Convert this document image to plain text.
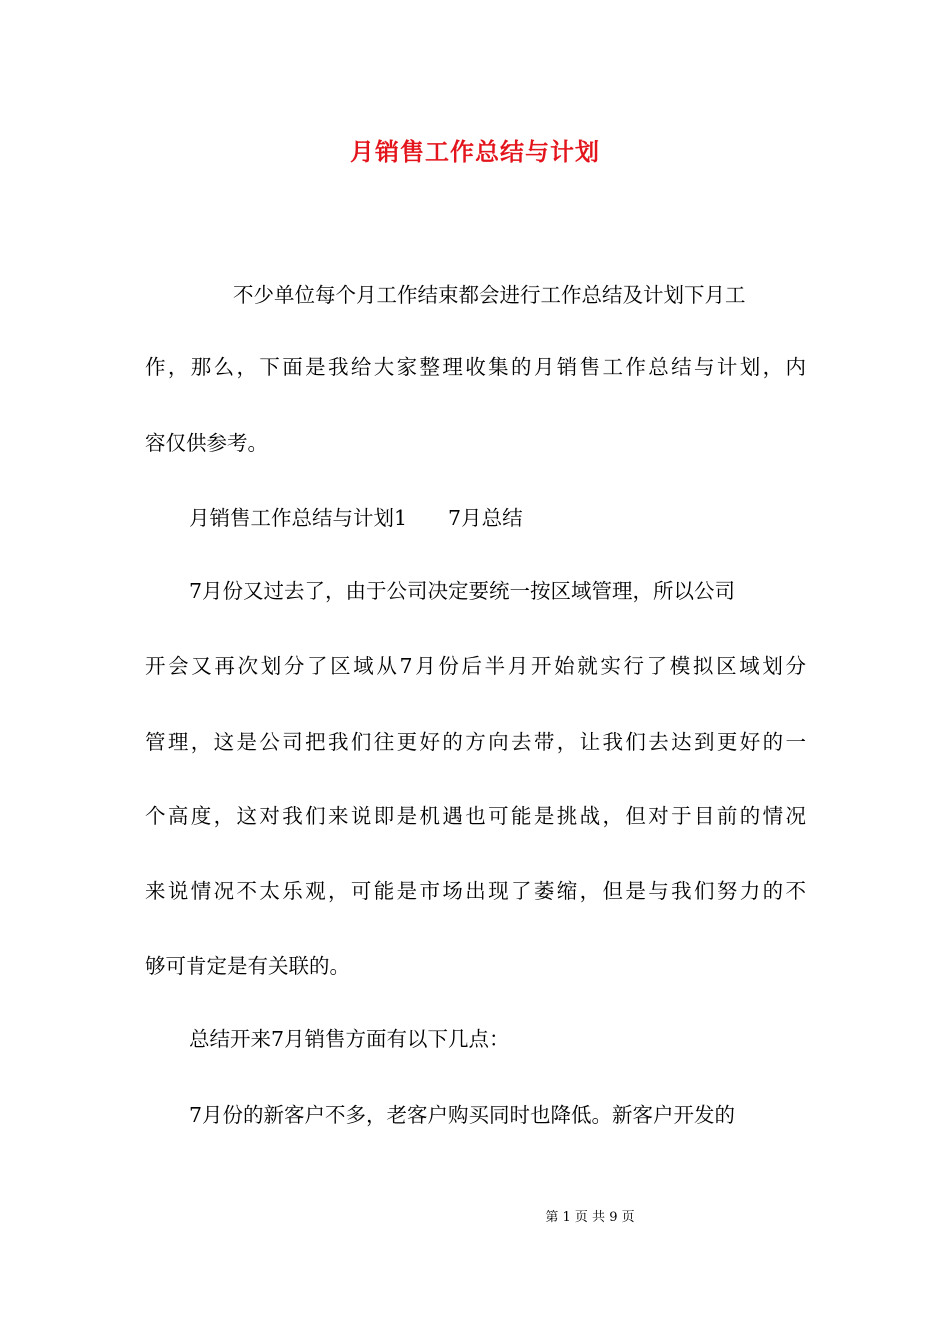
月销售工作总结与计划
不少单位每个月工作结束都会进行工作总结及计划下月工
作，那么，下面是我给大家整理收集的月销售工作总结与计划，内
容仅供参考。
月销售工作总结与计划1　　7月总结
7月份又过去了，由于公司决定要统一按区域管理，所以公司
开会又再次划分了区域从7月份后半月开始就实行了模拟区域划分
管理，这是公司把我们往更好的方向去带，让我们去达到更好的一
个高度，这对我们来说即是机遇也可能是挑战，但对于目前的情况
来说情况不太乐观，可能是市场出现了萎缩，但是与我们努力的不
够可肯定是有关联的。
总结开来7月销售方面有以下几点：
7月份的新客户不多，老客户购买同时也降低。新客户开发的
第 1 页 共 9 页
